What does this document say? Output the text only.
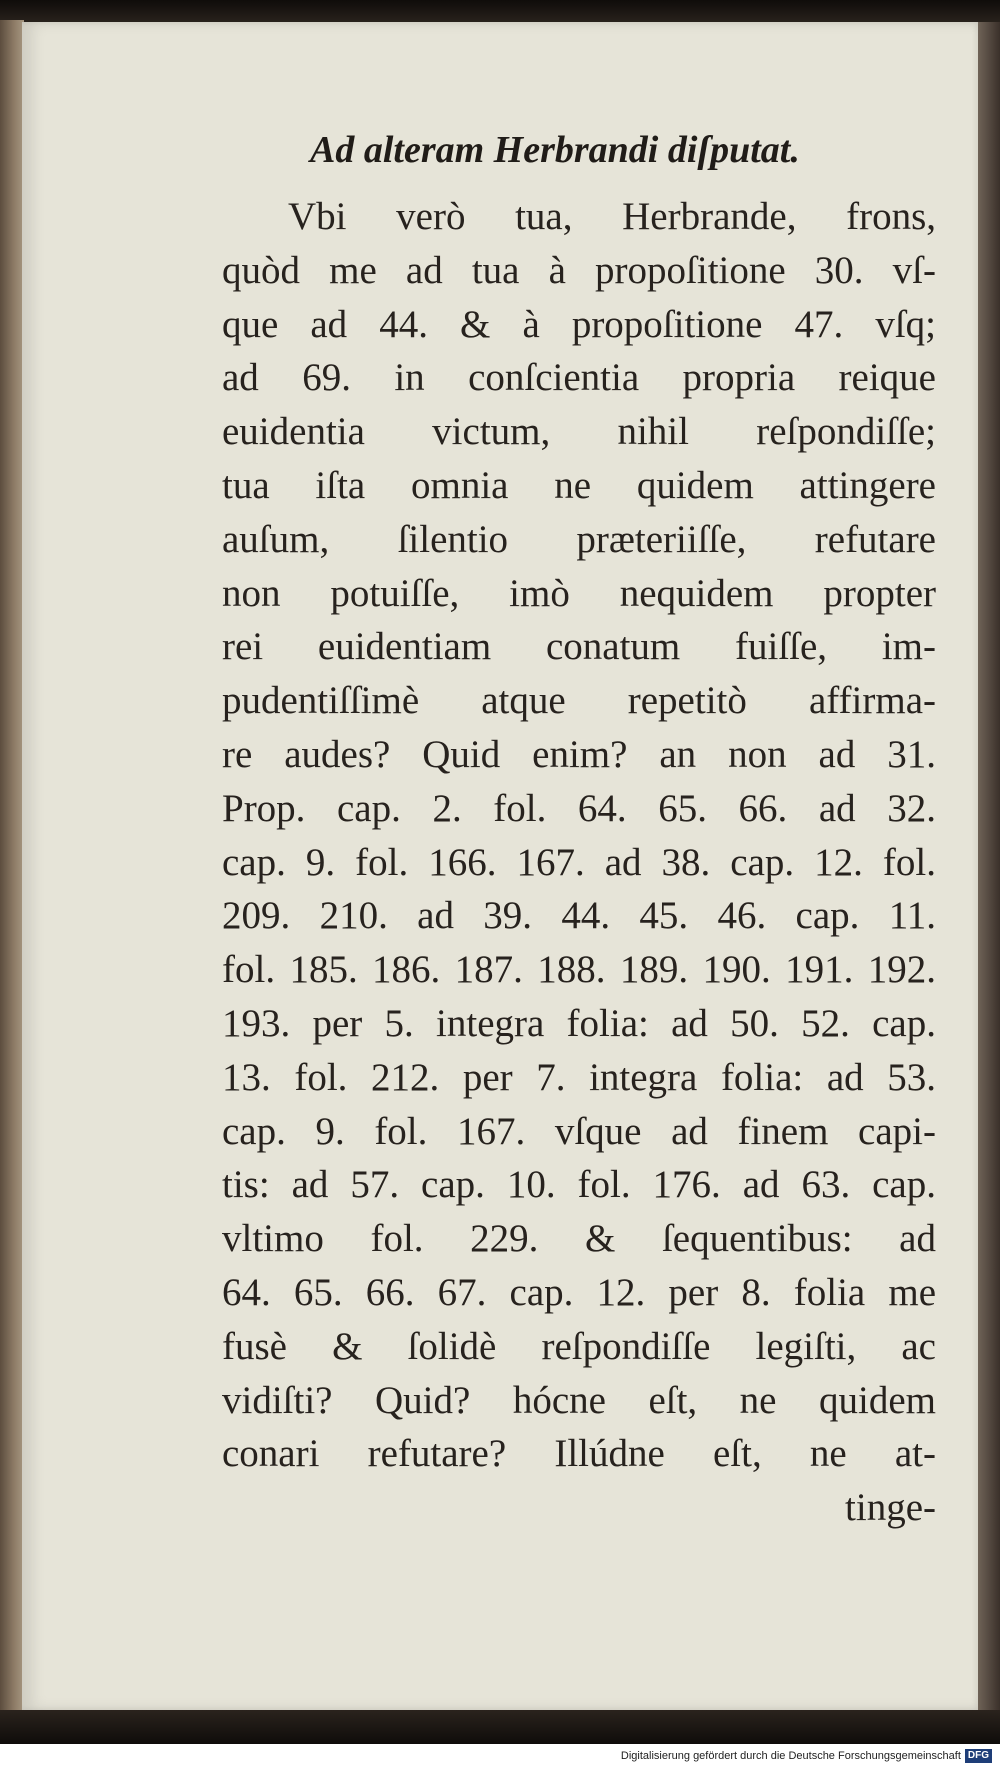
Ad alteram Herbrandi diſputat.
Vbi verò tua, Herbrande, frons,
quòd me ad tua à propoſitione 30. vſ-
que ad 44. & à propoſitione 47. vſq;
ad 69. in conſcientia propria reique
euidentia victum, nihil reſpondiſſe;
tua iſta omnia ne quidem attingere
auſum, ſilentio præteriiſſe, refutare
non potuiſſe, imò nequidem propter
rei euidentiam conatum fuiſſe, im-
pudentiſſimè atque repetitò affirma-
re audes? Quid enim? an non ad 31.
Prop. cap. 2. fol. 64. 65. 66. ad 32.
cap. 9. fol. 166. 167. ad 38. cap. 12. fol.
209. 210. ad 39. 44. 45. 46. cap. 11.
fol. 185. 186. 187. 188. 189. 190. 191. 192.
193. per 5. integra folia: ad 50. 52. cap.
13. fol. 212. per 7. integra folia: ad 53.
cap. 9. fol. 167. vſque ad finem capi-
tis: ad 57. cap. 10. fol. 176. ad 63. cap.
vltimo fol. 229. & ſequentibus: ad
64. 65. 66. 67. cap. 12. per 8. folia me
fusè & ſolidè reſpondiſſe legiſti, ac
vidiſti? Quid? hócne eſt, ne quidem
conari refutare? Illúdne eſt, ne at-
tinge-
Digitalisierung gefördert durch die Deutsche Forschungsgemeinschaft DFG
